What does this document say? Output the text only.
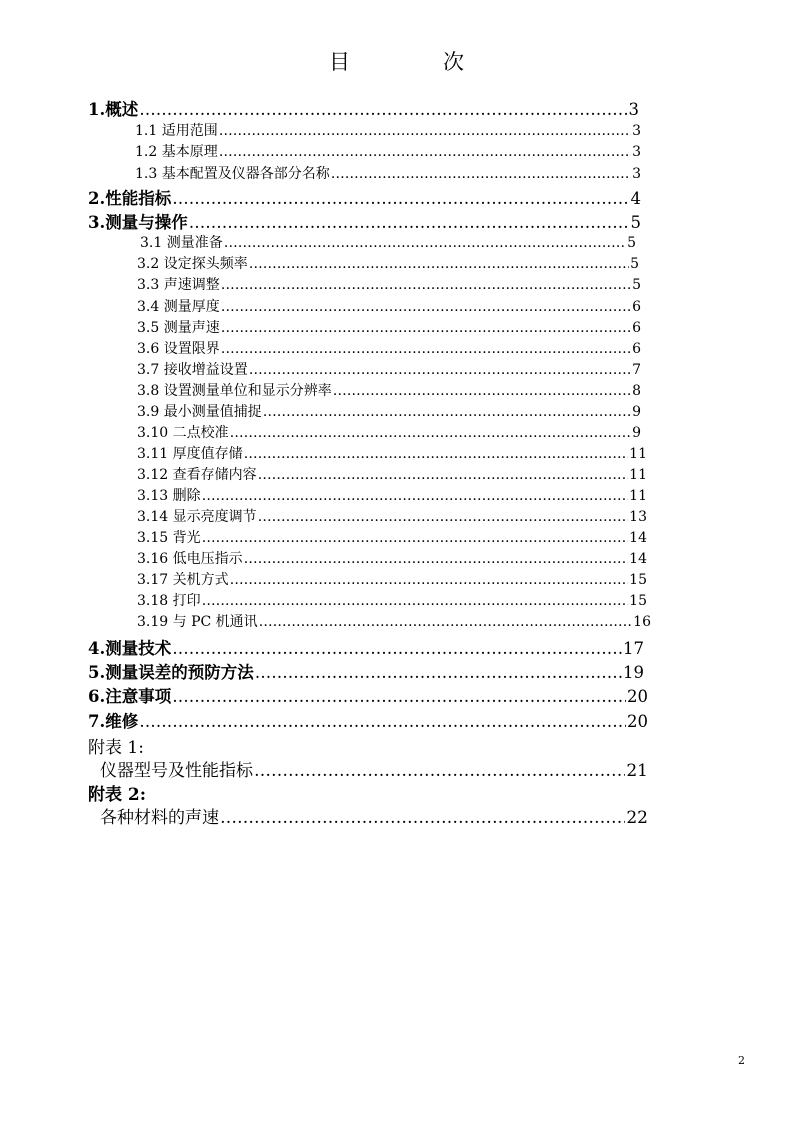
目　次
1.概述 ………………………………………………………………………………………………………………………………………………………………………………………………	3
1.1 适用范围 ………………………………………………………………………………………………………………………………………………………………………………………………	3
1.2 基本原理 ………………………………………………………………………………………………………………………………………………………………………………………………	3
1.3 基本配置及仪器各部分名称 ………………………………………………………………………………………………………………………………………………………………………………………………	3
2.性能指标 ………………………………………………………………………………………………………………………………………………………………………………………………	4
3.测量与操作 ………………………………………………………………………………………………………………………………………………………………………………………………	5
3.1 测量准备 ……………………………………………………………………………………………………………………………………………………………………………………………	5
3.2 设定探头频率 ……………………………………………………………………………………………………………………………………………………………………………………………	5
3.3 声速调整 ……………………………………………………………………………………………………………………………………………………………………………………………	5
3.4 测量厚度 ……………………………………………………………………………………………………………………………………………………………………………………………	6
3.5 测量声速 ……………………………………………………………………………………………………………………………………………………………………………………………	6
3.6 设置限界 ……………………………………………………………………………………………………………………………………………………………………………………………	6
3.7 接收增益设置 ……………………………………………………………………………………………………………………………………………………………………………………………	7
3.8 设置测量单位和显示分辨率 ……………………………………………………………………………………………………………………………………………………………………………………………	8
3.9 最小测量值捕捉 ……………………………………………………………………………………………………………………………………………………………………………………………	9
3.10 二点校准 ……………………………………………………………………………………………………………………………………………………………………………………………	9
3.11 厚度值存储 ……………………………………………………………………………………………………………………………………………………………………………………………	11
3.12 查看存储内容 ……………………………………………………………………………………………………………………………………………………………………………………………	11
3.13 删除 ……………………………………………………………………………………………………………………………………………………………………………………………	11
3.14 显示亮度调节 ……………………………………………………………………………………………………………………………………………………………………………………………	13
3.15 背光 ……………………………………………………………………………………………………………………………………………………………………………………………	14
3.16 低电压指示 ……………………………………………………………………………………………………………………………………………………………………………………………	14
3.17 关机方式 ……………………………………………………………………………………………………………………………………………………………………………………………	15
3.18 打印 ……………………………………………………………………………………………………………………………………………………………………………………………	15
3.19 与 PC 机通讯 ……………………………………………………………………………………………………………………………………………………………………………………………	16
4.测量技术 ………………………………………………………………………………………………………………………………………………………………………………………………	17
5.测量误差的预防方法 ………………………………………………………………………………………………………………………………………………………………………………………………	19
6.注意事项 ………………………………………………………………………………………………………………………………………………………………………………………………	20
7.维修 ………………………………………………………………………………………………………………………………………………………………………………………………	20
附表 1:
仪器型号及性能指标 ………………………………………………………………………………………………………………………………………………………………………………………………	21
附表 2:
各种材料的声速 ………………………………………………………………………………………………………………………………………………………………………………………………	22
2
